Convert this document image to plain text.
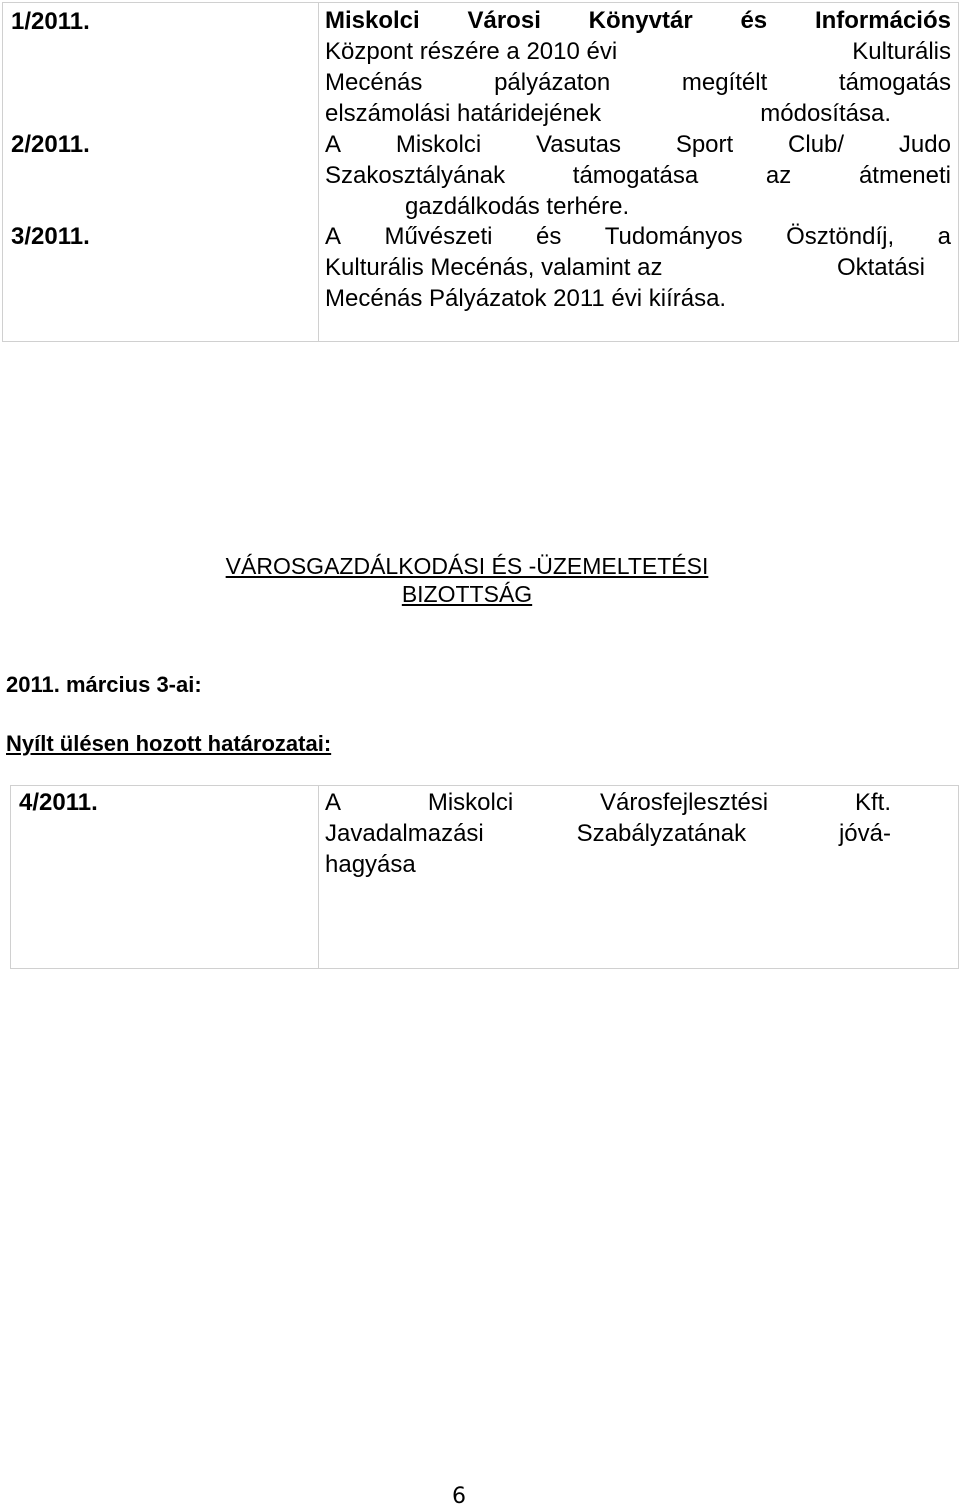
1/2011.	Miskolci Városi Könyvtár és Információs
Központ részére a 2010 évi	Kulturális
Mecénás	pályázaton	megítélt	támogatás
elszámolási határidejének	módosítása.
2/2011.	A Miskolci Vasutas Sport Club/ Judo
Szakosztályának	támogatása	az	átmeneti
gazdálkodás terhére.
3/2011.	A Művészeti és Tudományos Ösztöndíj, a
Kulturális Mecénás, valamint az	Oktatási
Mecénás Pályázatok 2011 évi kiírása.
VÁROSGAZDÁLKODÁSI ÉS -ÜZEMELTETÉSI
BIZOTTSÁG
2011. március 3-ai:
Nyílt ülésen hozott határozatai:
4/2011.	A	Miskolci	Városfejlesztési	Kft.
Javadalmazási	Szabályzatának	jóvá-
hagyása
6
